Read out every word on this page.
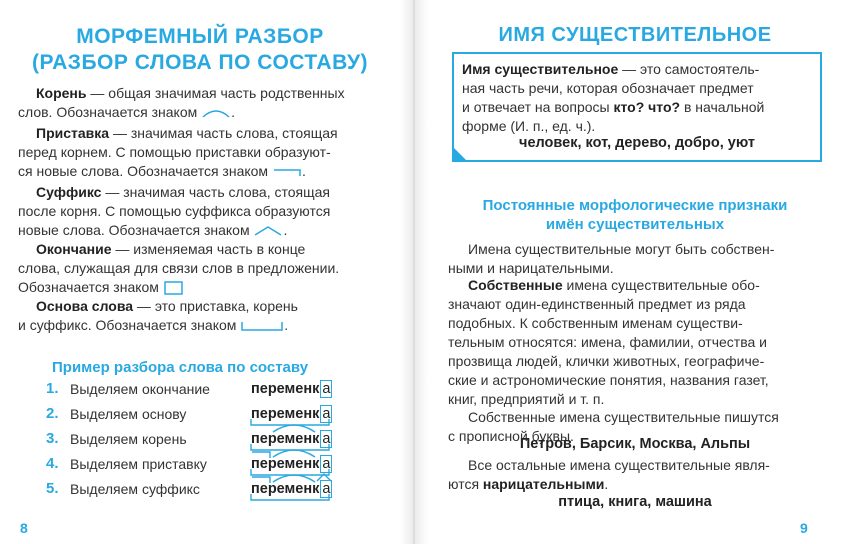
МОРФЕМНЫЙ РАЗБОР
(РАЗБОР СЛОВА ПО СОСТАВУ)
Корень — общая значимая часть родственных
слов. Обозначается знаком .
Приставка — значимая часть слова, стоящая
перед корнем. С помощью приставки образуют-
ся новые слова. Обозначается знаком .
Суффикс — значимая часть слова, стоящая
после корня. С помощью суффикса образуются
новые слова. Обозначается знаком .
Окончание — изменяемая часть в конце
слова, служащая для связи слов в предложении.
Обозначается знаком
Основа слова — это приставка, корень
и суффикс. Обозначается знаком	.
Пример разбора слова по составу
1. Выделяем окончание	переменк а
2. Выделяем основу	переменк а
3. Выделяем корень	переменк а
4. Выделяем приставку	переменк а
5. Выделяем суффикс	переменк а
8
ИМЯ СУЩЕСТВИТЕЛЬНОЕ
Имя существительное — это самостоятель-
ная часть речи, которая обозначает предмет
и отвечает на вопросы кто? что? в начальной
форме (И. п., ед. ч.).
человек, кот, дерево, добро, уют
Постоянные морфологические признаки
имён существительных
Имена существительные могут быть собствен-
ными и нарицательными.
Собственные имена существительные обо-
значают один-единственный предмет из ряда
подобных. К собственным именам существи-
тельным относятся: имена, фамилии, отчества и
прозвища людей, клички животных, географиче-
ские и астрономические понятия, названия газет,
книг, предприятий и т. п.
Собственные имена существительные пишутся
с прописной буквы.
Петров, Барсик, Москва, Альпы
Все остальные имена существительные явля-
ются нарицательными.
птица, книга, машина
9
